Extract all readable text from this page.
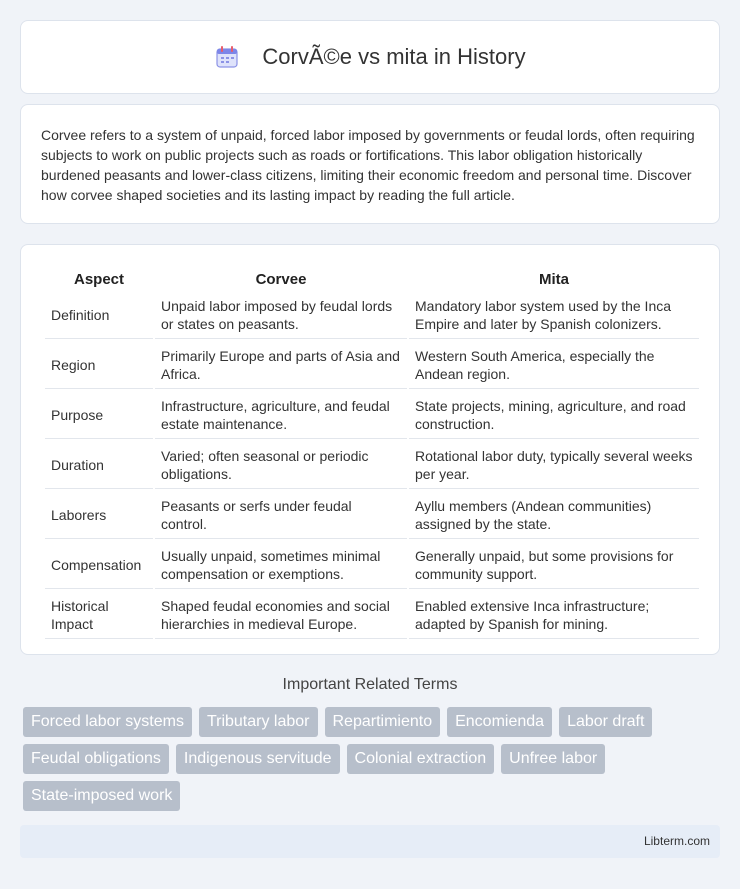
CorvÃ©e vs mita in History

Corvee refers to a system of unpaid, forced labor imposed by governments or feudal lords, often requiring subjects to work on public projects such as roads or fortifications. This labor obligation historically burdened peasants and lower-class citizens, limiting their economic freedom and personal time. Discover how corvee shaped societies and its lasting impact by reading the full article.

Aspect	Corvee	Mita
Definition	Unpaid labor imposed by feudal lords or states on peasants.	Mandatory labor system used by the Inca Empire and later by Spanish colonizers.
Region	Primarily Europe and parts of Asia and Africa.	Western South America, especially the Andean region.
Purpose	Infrastructure, agriculture, and feudal estate maintenance.	State projects, mining, agriculture, and road construction.
Duration	Varied; often seasonal or periodic obligations.	Rotational labor duty, typically several weeks per year.
Laborers	Peasants or serfs under feudal control.	Ayllu members (Andean communities) assigned by the state.
Compensation	Usually unpaid, sometimes minimal compensation or exemptions.	Generally unpaid, but some provisions for community support.
Historical Impact	Shaped feudal economies and social hierarchies in medieval Europe.	Enabled extensive Inca infrastructure; adapted by Spanish for mining.
Important Related Terms
Forced labor systems	Tributary labor	Repartimiento	Encomienda	Labor draft
Feudal obligations	Indigenous servitude	Colonial extraction	Unfree labor
State-imposed work
Libterm.com
